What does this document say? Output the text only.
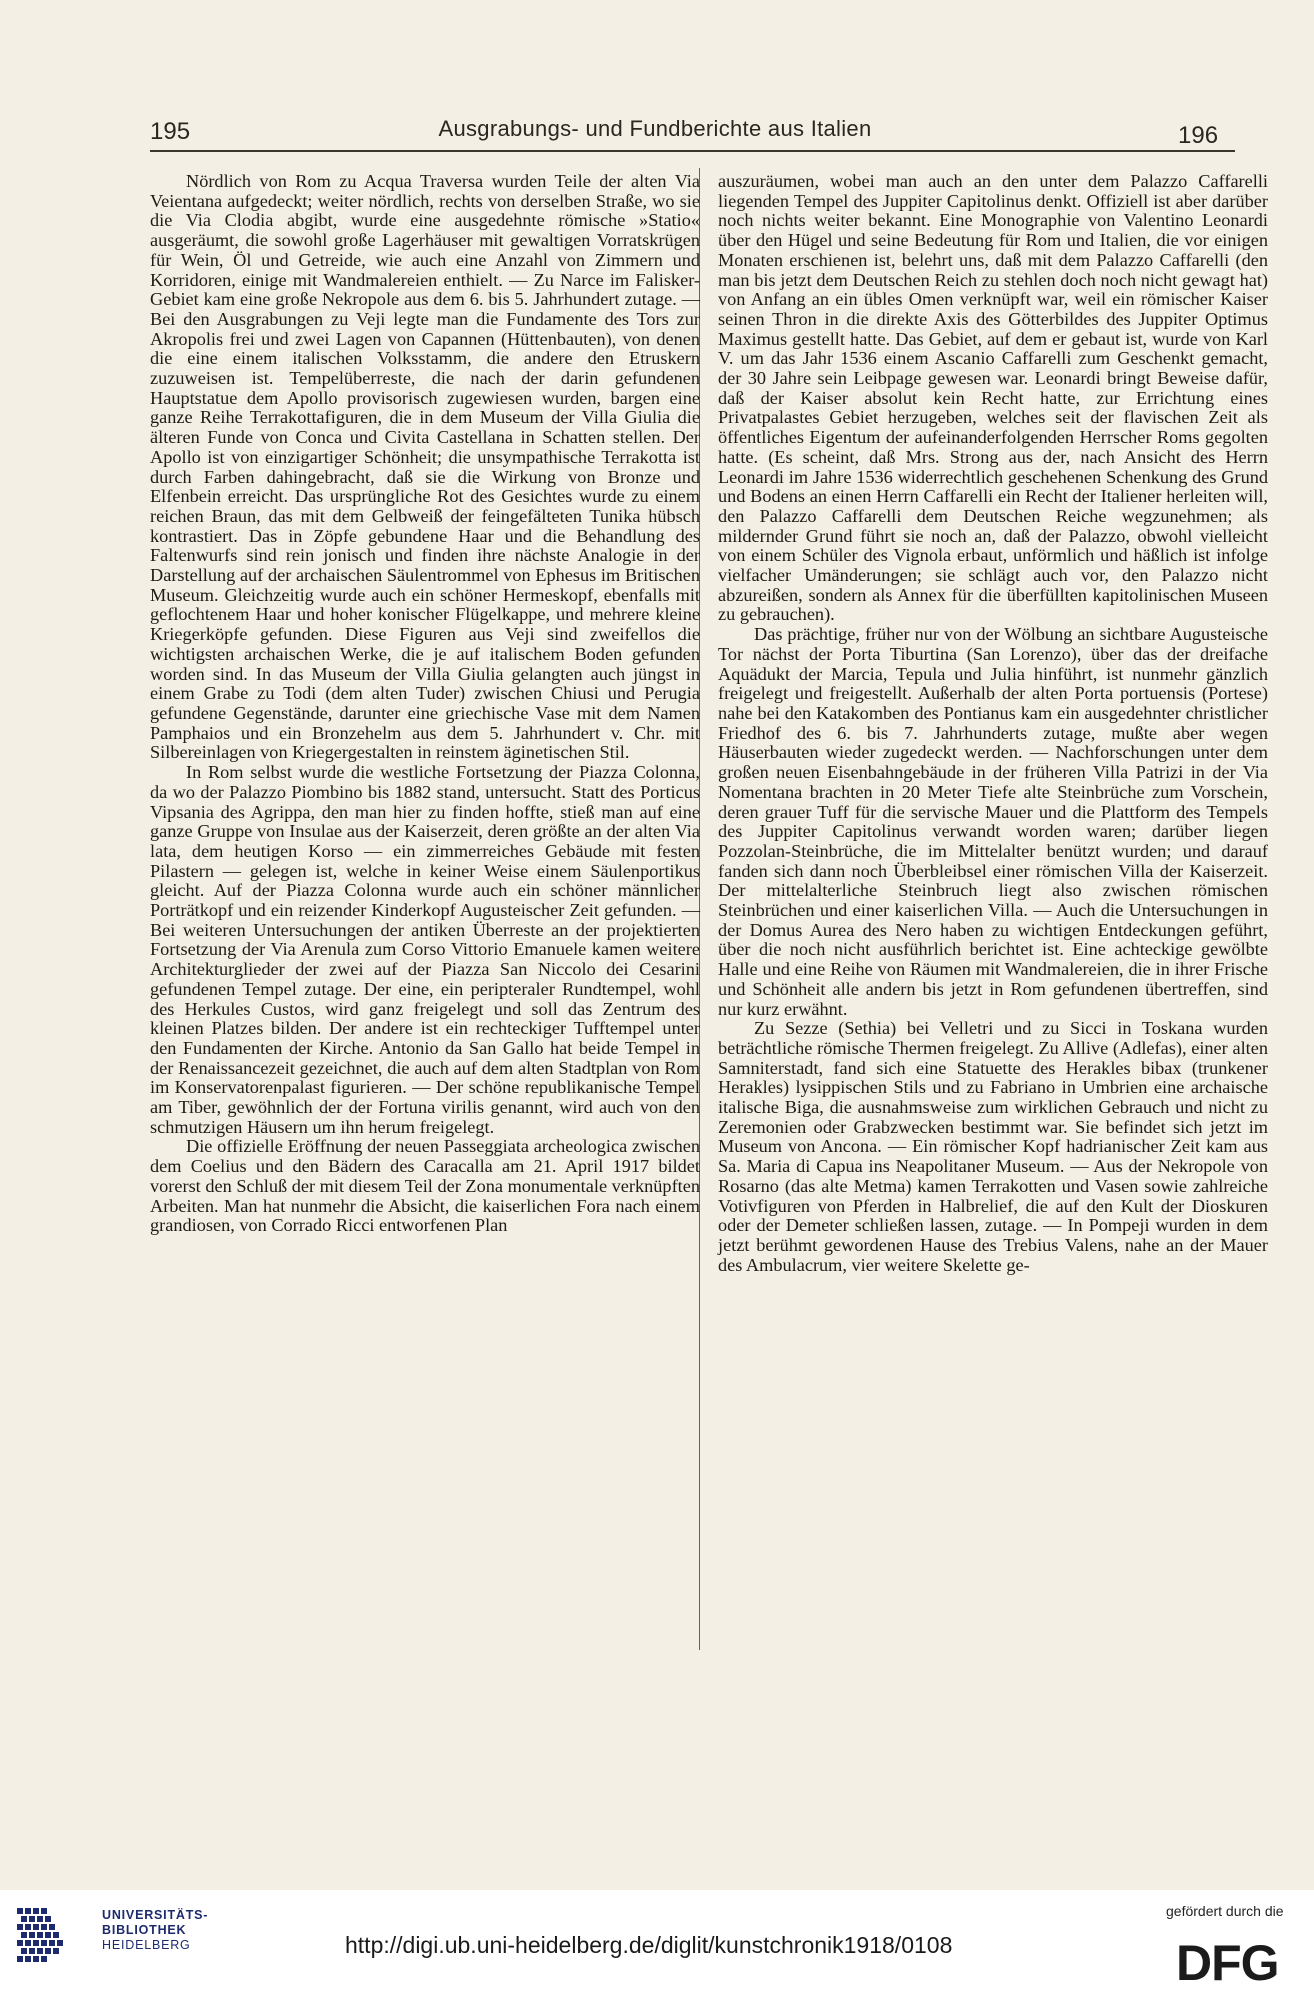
195	Ausgrabungs- und Fundberichte aus Italien	196

Nördlich von Rom zu Acqua Traversa wurden Teile der alten Via Veientana aufgedeckt; weiter nördlich, rechts von derselben Straße, wo sie die Via Clodia abgibt, wurde eine ausgedehnte römische »Statio« ausgeräumt, die sowohl große Lagerhäuser mit gewaltigen Vorratskrügen für Wein, Öl und Getreide, wie auch eine Anzahl von Zimmern und Korridoren, einige mit Wandmalereien enthielt. — Zu Narce im Falisker-Gebiet kam eine große Nekropole aus dem 6. bis 5. Jahrhundert zutage. — Bei den Ausgrabungen zu Veji legte man die Fundamente des Tors zur Akropolis frei und zwei Lagen von Capannen (Hüttenbauten), von denen die eine einem italischen Volksstamm, die andere den Etruskern zuzuweisen ist. Tempelüberreste, die nach der darin gefundenen Hauptstatue dem Apollo provisorisch zugewiesen wurden, bargen eine ganze Reihe Terrakottafiguren, die in dem Museum der Villa Giulia die älteren Funde von Conca und Civita Castellana in Schatten stellen. Der Apollo ist von einzigartiger Schönheit; die unsympathische Terrakotta ist durch Farben dahingebracht, daß sie die Wirkung von Bronze und Elfenbein erreicht. Das ursprüngliche Rot des Gesichtes wurde zu einem reichen Braun, das mit dem Gelbweiß der feingefälteten Tunika hübsch kontrastiert. Das in Zöpfe gebundene Haar und die Behandlung des Faltenwurfs sind rein jonisch und finden ihre nächste Analogie in der Darstellung auf der archaischen Säulentrommel von Ephesus im Britischen Museum. Gleichzeitig wurde auch ein schöner Hermeskopf, ebenfalls mit geflochtenem Haar und hoher konischer Flügelkappe, und mehrere kleine Kriegerköpfe gefunden. Diese Figuren aus Veji sind zweifellos die wichtigsten archaischen Werke, die je auf italischem Boden gefunden worden sind. In das Museum der Villa Giulia gelangten auch jüngst in einem Grabe zu Todi (dem alten Tuder) zwischen Chiusi und Perugia gefundene Gegenstände, darunter eine griechische Vase mit dem Namen Pamphaios und ein Bronzehelm aus dem 5. Jahrhundert v. Chr. mit Silbereinlagen von Kriegergestalten in reinstem äginetischen Stil.

In Rom selbst wurde die westliche Fortsetzung der Piazza Colonna, da wo der Palazzo Piombino bis 1882 stand, untersucht. Statt des Porticus Vipsania des Agrippa, den man hier zu finden hoffte, stieß man auf eine ganze Gruppe von Insulae aus der Kaiserzeit, deren größte an der alten Via lata, dem heutigen Korso — ein zimmerreiches Gebäude mit festen Pilastern — gelegen ist, welche in keiner Weise einem Säulenportikus gleicht. Auf der Piazza Colonna wurde auch ein schöner männlicher Porträtkopf und ein reizender Kinderkopf Augusteischer Zeit gefunden. — Bei weiteren Untersuchungen der antiken Überreste an der projektierten Fortsetzung der Via Arenula zum Corso Vittorio Emanuele kamen weitere Architekturglieder der zwei auf der Piazza San Niccolo dei Cesarini gefundenen Tempel zutage. Der eine, ein peripteraler Rundtempel, wohl des Herkules Custos, wird ganz freigelegt und soll das Zentrum des kleinen Platzes bilden. Der andere ist ein rechteckiger Tufftempel unter den Fundamenten der Kirche. Antonio da San Gallo hat beide Tempel in der Renaissancezeit gezeichnet, die auch auf dem alten Stadtplan von Rom im Konservatorenpalast figurieren. — Der schöne republikanische Tempel am Tiber, gewöhnlich der der Fortuna virilis genannt, wird auch von den schmutzigen Häusern um ihn herum freigelegt.

Die offizielle Eröffnung der neuen Passeggiata archeologica zwischen dem Coelius und den Bädern des Caracalla am 21. April 1917 bildet vorerst den Schluß der mit diesem Teil der Zona monumentale verknüpften Arbeiten. Man hat nunmehr die Absicht, die kaiserlichen Fora nach einem grandiosen, von Corrado Ricci entworfenen Plan

auszuräumen, wobei man auch an den unter dem Palazzo Caffarelli liegenden Tempel des Juppiter Capitolinus denkt. Offiziell ist aber darüber noch nichts weiter bekannt. Eine Monographie von Valentino Leonardi über den Hügel und seine Bedeutung für Rom und Italien, die vor einigen Monaten erschienen ist, belehrt uns, daß mit dem Palazzo Caffarelli (den man bis jetzt dem Deutschen Reich zu stehlen doch noch nicht gewagt hat) von Anfang an ein übles Omen verknüpft war, weil ein römischer Kaiser seinen Thron in die direkte Axis des Götterbildes des Juppiter Optimus Maximus gestellt hatte. Das Gebiet, auf dem er gebaut ist, wurde von Karl V. um das Jahr 1536 einem Ascanio Caffarelli zum Geschenkt gemacht, der 30 Jahre sein Leibpage gewesen war. Leonardi bringt Beweise dafür, daß der Kaiser absolut kein Recht hatte, zur Errichtung eines Privatpalastes Gebiet herzugeben, welches seit der flavischen Zeit als öffentliches Eigentum der aufeinanderfolgenden Herrscher Roms gegolten hatte. (Es scheint, daß Mrs. Strong aus der, nach Ansicht des Herrn Leonardi im Jahre 1536 widerrechtlich geschehenen Schenkung des Grund und Bodens an einen Herrn Caffarelli ein Recht der Italiener herleiten will, den Palazzo Caffarelli dem Deutschen Reiche wegzunehmen; als mildernder Grund führt sie noch an, daß der Palazzo, obwohl vielleicht von einem Schüler des Vignola erbaut, unförmlich und häßlich ist infolge vielfacher Umänderungen; sie schlägt auch vor, den Palazzo nicht abzureißen, sondern als Annex für die überfüllten kapitolinischen Museen zu gebrauchen).

Das prächtige, früher nur von der Wölbung an sichtbare Augusteische Tor nächst der Porta Tiburtina (San Lorenzo), über das der dreifache Aquädukt der Marcia, Tepula und Julia hinführt, ist nunmehr gänzlich freigelegt und freigestellt. Außerhalb der alten Porta portuensis (Portese) nahe bei den Katakomben des Pontianus kam ein ausgedehnter christlicher Friedhof des 6. bis 7. Jahrhunderts zutage, mußte aber wegen Häuserbauten wieder zugedeckt werden. — Nachforschungen unter dem großen neuen Eisenbahngebäude in der früheren Villa Patrizi in der Via Nomentana brachten in 20 Meter Tiefe alte Steinbrüche zum Vorschein, deren grauer Tuff für die servische Mauer und die Plattform des Tempels des Juppiter Capitolinus verwandt worden waren; darüber liegen Pozzolan-Steinbrüche, die im Mittelalter benützt wurden; und darauf fanden sich dann noch Überbleibsel einer römischen Villa der Kaiserzeit. Der mittelalterliche Steinbruch liegt also zwischen römischen Steinbrüchen und einer kaiserlichen Villa. — Auch die Untersuchungen in der Domus Aurea des Nero haben zu wichtigen Entdeckungen geführt, über die noch nicht ausführlich berichtet ist. Eine achteckige gewölbte Halle und eine Reihe von Räumen mit Wandmalereien, die in ihrer Frische und Schönheit alle andern bis jetzt in Rom gefundenen übertreffen, sind nur kurz erwähnt.

Zu Sezze (Sethia) bei Velletri und zu Sicci in Toskana wurden beträchtliche römische Thermen freigelegt. Zu Allive (Adlefas), einer alten Samniterstadt, fand sich eine Statuette des Herakles bibax (trunkener Herakles) lysippischen Stils und zu Fabriano in Umbrien eine archaische italische Biga, die ausnahmsweise zum wirklichen Gebrauch und nicht zu Zeremonien oder Grabzwecken bestimmt war. Sie befindet sich jetzt im Museum von Ancona. — Ein römischer Kopf hadrianischer Zeit kam aus Sa. Maria di Capua ins Neapolitaner Museum. — Aus der Nekropole von Rosarno (das alte Metma) kamen Terrakotten und Vasen sowie zahlreiche Votivfiguren von Pferden in Halbrelief, die auf den Kult der Dioskuren oder der Demeter schließen lassen, zutage. — In Pompeji wurden in dem jetzt berühmt gewordenen Hause des Trebius Valens, nahe an der Mauer des Ambulacrum, vier weitere Skelette ge-

UNIVERSITÄTS-
BIBLIOTHEK
HEIDELBERG	http://digi.ub.uni-heidelberg.de/diglit/kunstchronik1918/0108
gefördert durch die
DFG
